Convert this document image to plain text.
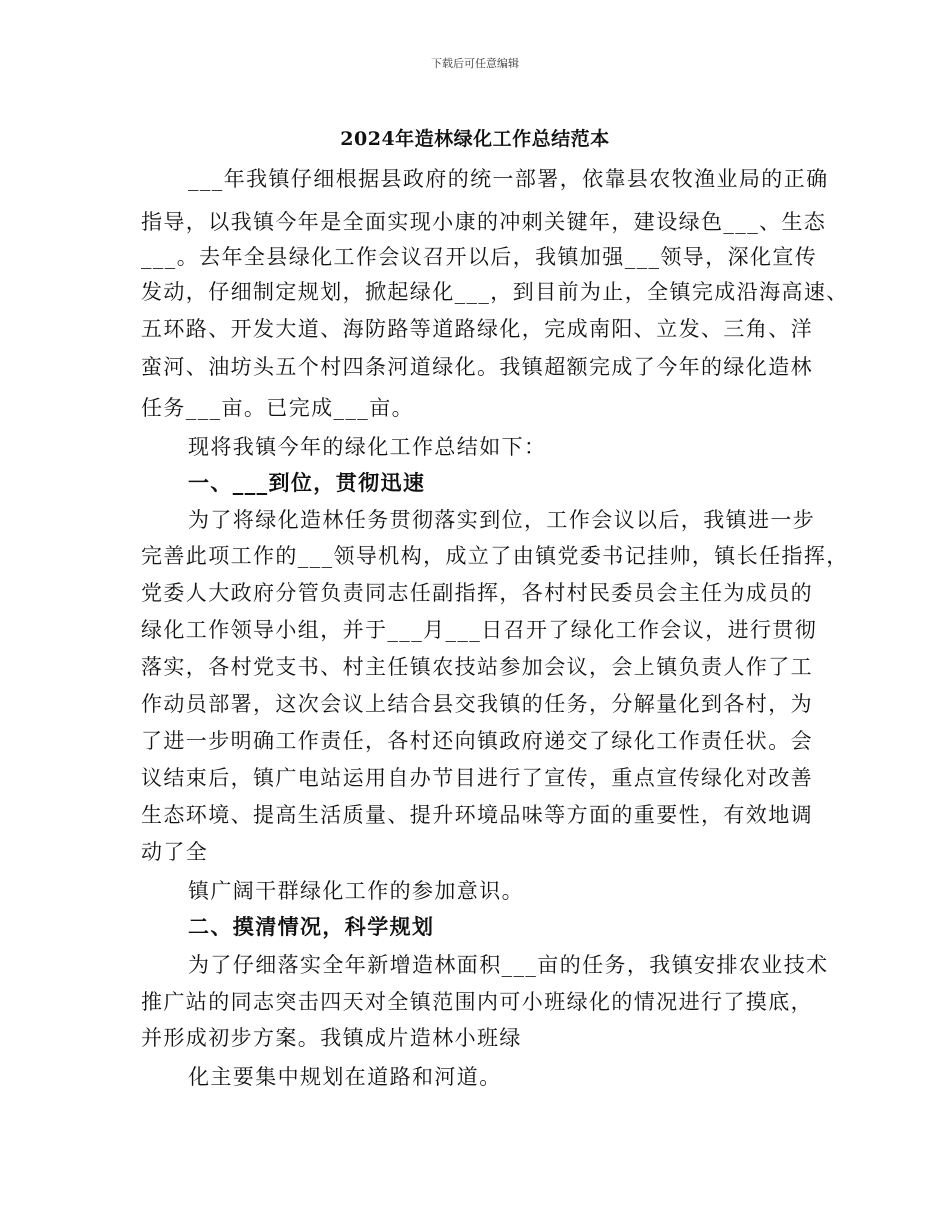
下载后可任意编辑
2024年造林绿化工作总结范本
___年我镇仔细根据县政府的统一部署，依靠县农牧渔业局的正确
指导，以我镇今年是全面实现小康的冲刺关键年，建设绿色___、生态
___。去年全县绿化工作会议召开以后，我镇加强___领导，深化宣传
发动，仔细制定规划，掀起绿化___，到目前为止，全镇完成沿海高速、
五环路、开发大道、海防路等道路绿化，完成南阳、立发、三角、洋
蛮河、油坊头五个村四条河道绿化。我镇超额完成了今年的绿化造林
任务___亩。已完成___亩。
现将我镇今年的绿化工作总结如下：
一、___到位，贯彻迅速
为了将绿化造林任务贯彻落实到位，工作会议以后，我镇进一步
完善此项工作的___领导机构，成立了由镇党委书记挂帅，镇长任指挥，
党委人大政府分管负责同志任副指挥，各村村民委员会主任为成员的
绿化工作领导小组，并于___月___日召开了绿化工作会议，进行贯彻
落实，各村党支书、村主任镇农技站参加会议，会上镇负责人作了工
作动员部署，这次会议上结合县交我镇的任务，分解量化到各村，为
了进一步明确工作责任，各村还向镇政府递交了绿化工作责任状。会
议结束后，镇广电站运用自办节目进行了宣传，重点宣传绿化对改善
生态环境、提高生活质量、提升环境品味等方面的重要性，有效地调
动了全
镇广阔干群绿化工作的参加意识。
二、摸清情况，科学规划
为了仔细落实全年新增造林面积___亩的任务，我镇安排农业技术
推广站的同志突击四天对全镇范围内可小班绿化的情况进行了摸底，
并形成初步方案。我镇成片造林小班绿
化主要集中规划在道路和河道。
